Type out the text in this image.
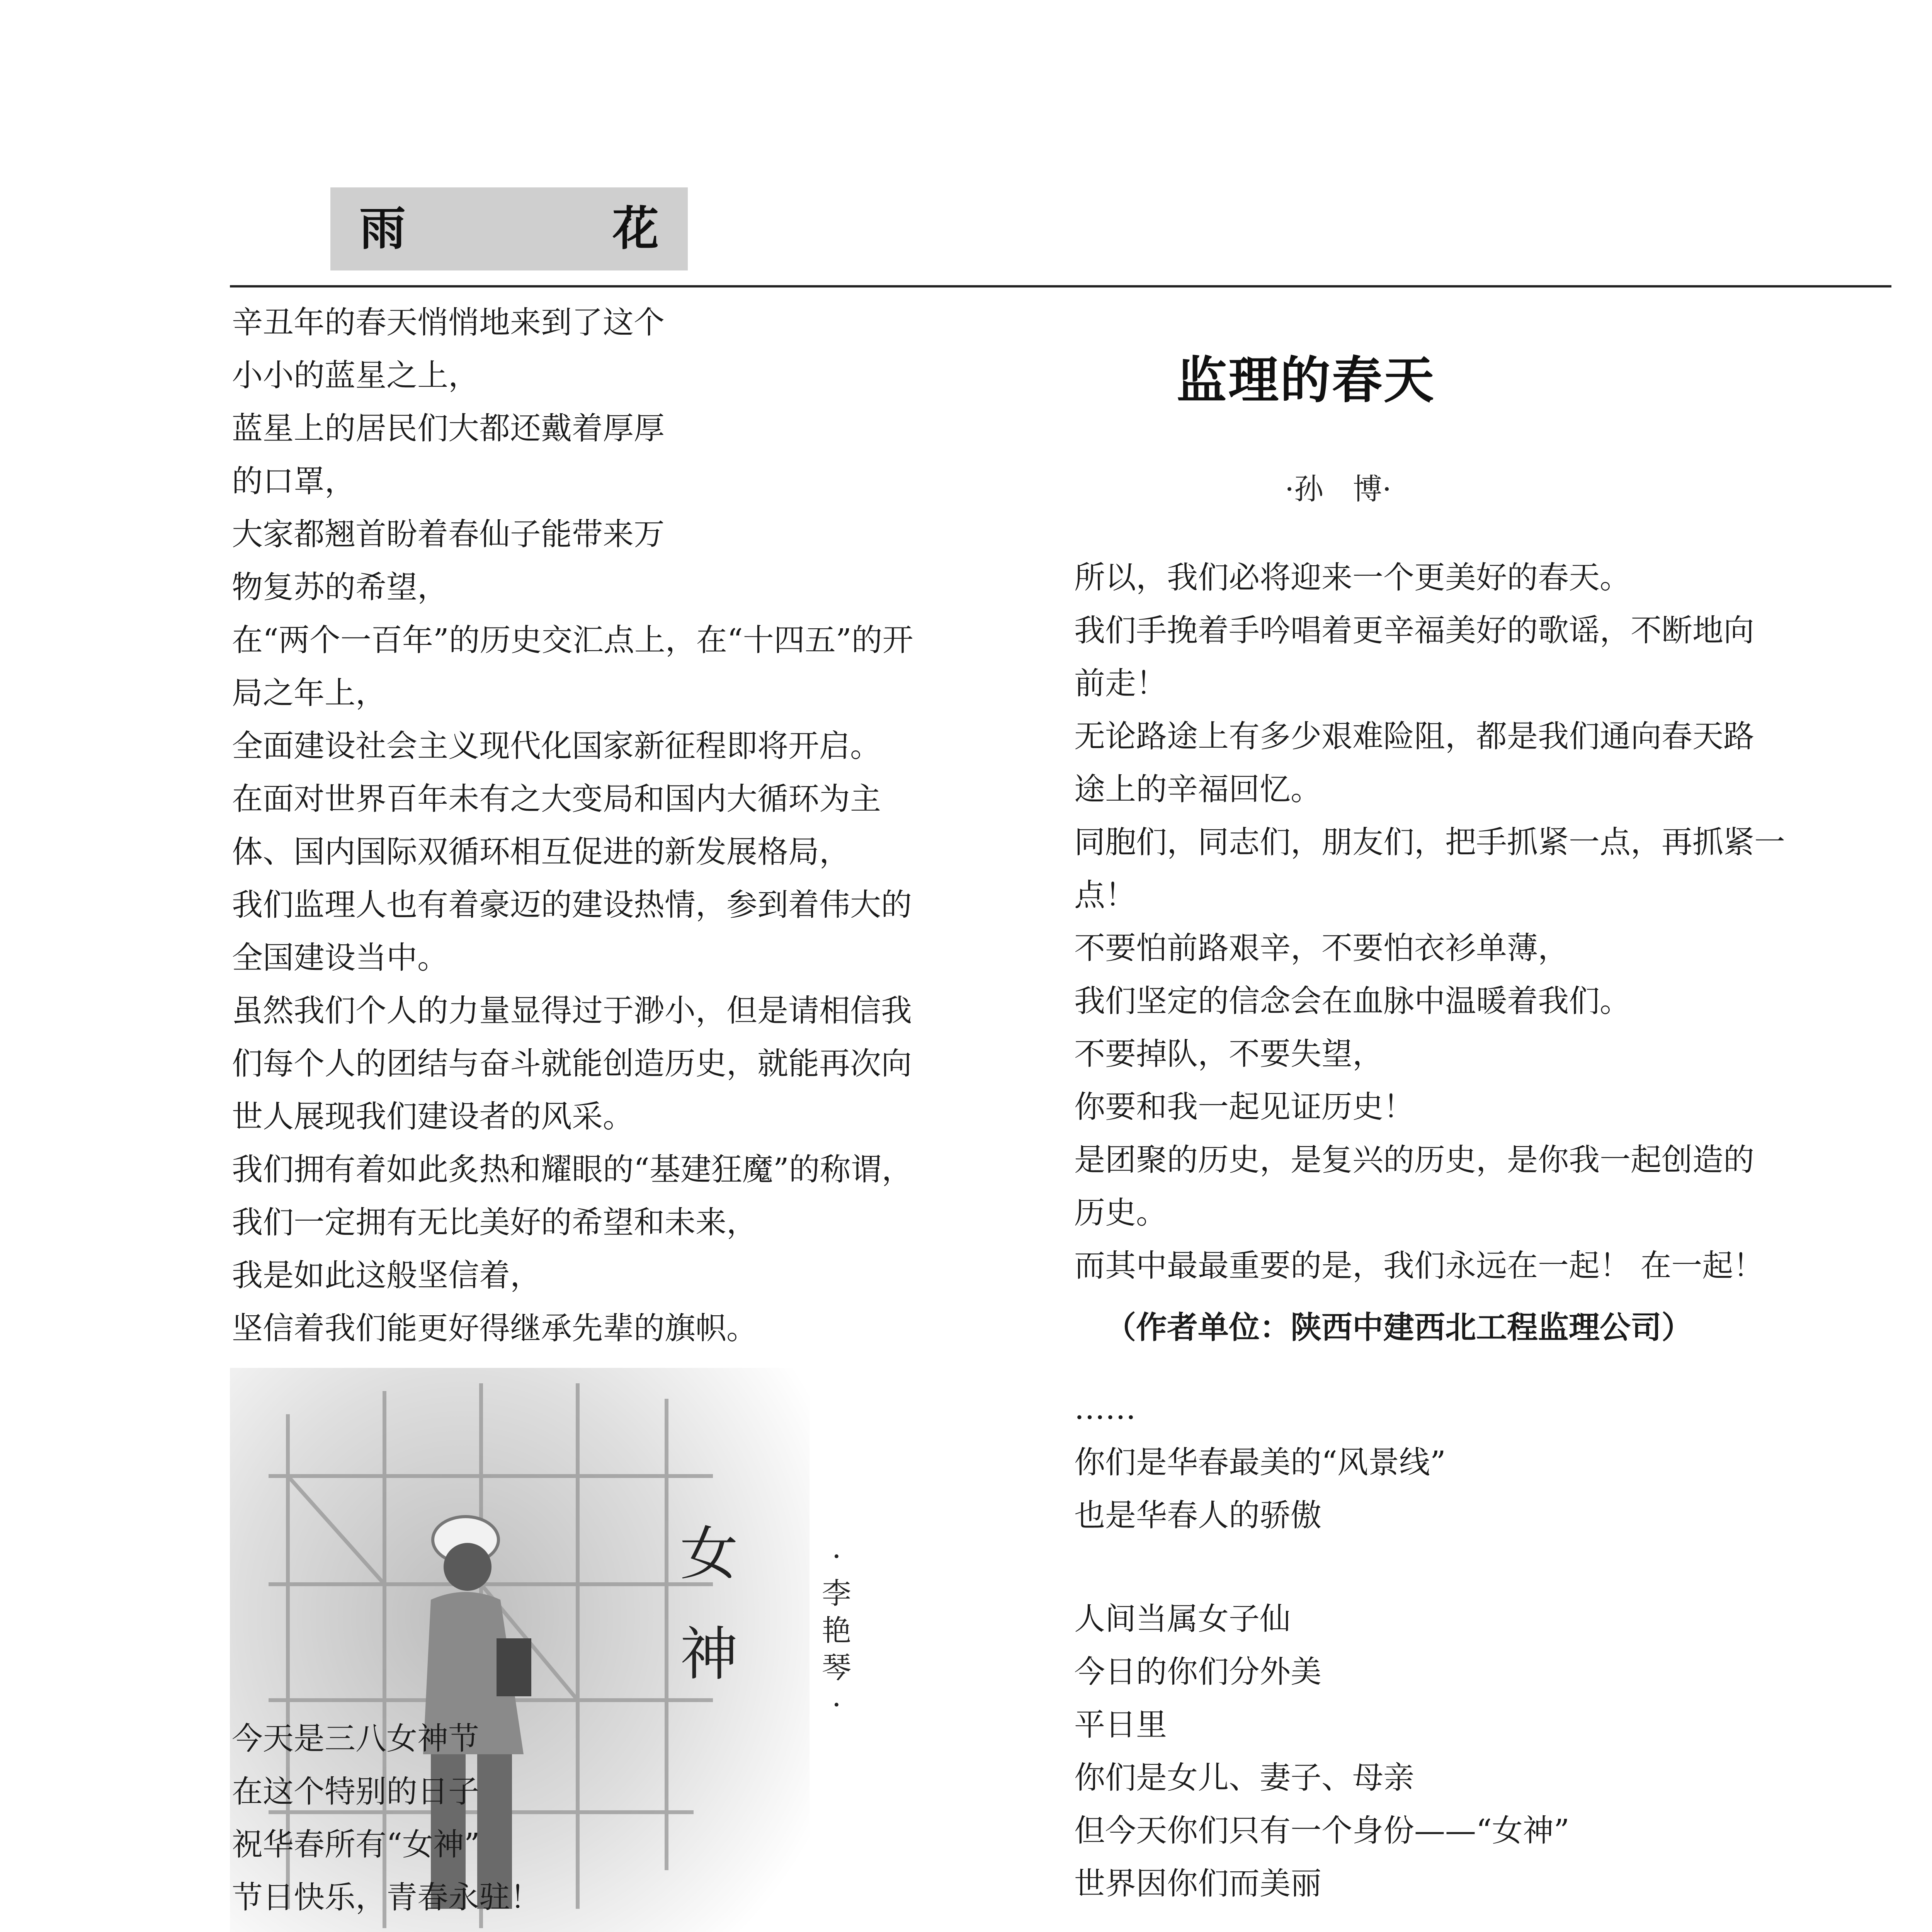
雨	花
监理的春天
·孙　博·
辛丑年的春天悄悄地来到了这个
小小的蓝星之上，
蓝星上的居民们大都还戴着厚厚
的口罩，
大家都翘首盼着春仙子能带来万
物复苏的希望，
在“两个一百年”的历史交汇点上，在“十四五”的开
局之年上，
全面建设社会主义现代化国家新征程即将开启。
在面对世界百年未有之大变局和国内大循环为主
体、国内国际双循环相互促进的新发展格局，
我们监理人也有着豪迈的建设热情，参到着伟大的
全国建设当中。
虽然我们个人的力量显得过于渺小，但是请相信我
们每个人的团结与奋斗就能创造历史，就能再次向
世人展现我们建设者的风采。
我们拥有着如此炙热和耀眼的“基建狂魔”的称谓，
我们一定拥有无比美好的希望和未来，
我是如此这般坚信着，
坚信着我们能更好得继承先辈的旗帜。
所以，我们必将迎来一个更美好的春天。
我们手挽着手吟唱着更辛福美好的歌谣，不断地向
前走！
无论路途上有多少艰难险阻，都是我们通向春天路
途上的辛福回忆。
同胞们，同志们，朋友们，把手抓紧一点，再抓紧一
点！
不要怕前路艰辛，不要怕衣衫单薄，
我们坚定的信念会在血脉中温暖着我们。
不要掉队，不要失望，
你要和我一起见证历史！
是团聚的历史，是复兴的历史，是你我一起创造的
历史。
而其中最最重要的是，我们永远在一起！ 在一起！
（作者单位：陕西中建西北工程监理公司）
女
神
·
李
艳
琴
·
今天是三八女神节
在这个特别的日子
祝华春所有“女神”
节日快乐，青春永驻！
……
你们是华春最美的“风景线”
也是华春人的骄傲
人间当属女子仙
今日的你们分外美
平日里
你们是女儿、妻子、母亲
但今天你们只有一个身份——“女神”
世界因你们而美丽
